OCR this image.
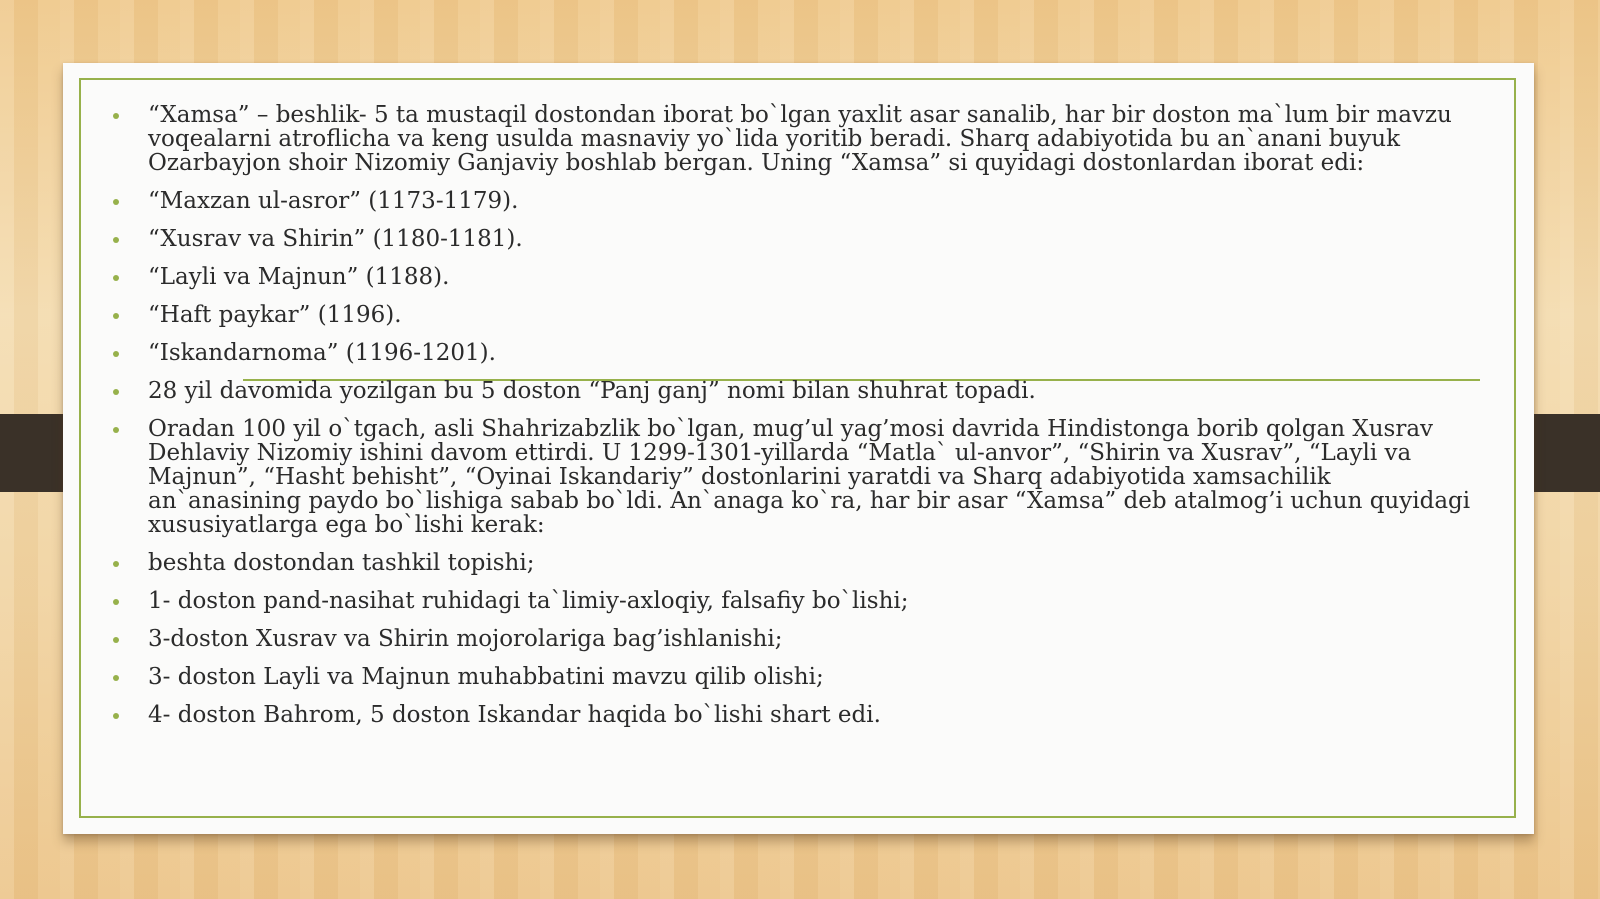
“Xamsa” – beshlik- 5 ta mustaqil dostondan iborat bo`lgan yaxlit asar sanalib, har bir doston ma`lum bir mavzu voqealarni atroflicha va keng usulda masnaviy yo`lida yoritib beradi. Sharq adabiyotida bu an`anani buyuk Ozarbayjon shoir Nizomiy Ganjaviy boshlab bergan. Uning “Xamsa” si quyidagi dostonlardan iborat edi:
“Maxzan ul-asror” (1173-1179).
“Xusrav va Shirin” (1180-1181).
“Layli va Majnun” (1188).
“Haft paykar” (1196).
“Iskandarnoma” (1196-1201).
28 yil davomida yozilgan bu 5 doston “Panj ganj” nomi bilan shuhrat topadi.
Oradan 100 yil o`tgach, asli Shahrizabzlik bo`lgan, mug’ul yag’mosi davrida Hindistonga borib qolgan Xusrav Dehlaviy Nizomiy ishini davom ettirdi. U 1299-1301-yillarda “Matla` ul-anvor”, “Shirin va Xusrav”, “Layli va Majnun”, “Hasht behisht”, “Oyinai Iskandariy” dostonlarini yaratdi va Sharq adabiyotida xamsachilik an`anasining paydo bo`lishiga sabab bo`ldi. An`anaga ko`ra, har bir asar “Xamsa” deb atalmog’i uchun quyidagi xususiyatlarga ega bo`lishi kerak:
beshta dostondan tashkil topishi;
1- doston pand-nasihat ruhidagi ta`limiy-axloqiy, falsafiy bo`lishi;
3-doston Xusrav va Shirin mojorolariga bag’ishlanishi;
3- doston Layli va Majnun muhabbatini mavzu qilib olishi;
4- doston Bahrom, 5 doston Iskandar haqida bo`lishi shart edi.
